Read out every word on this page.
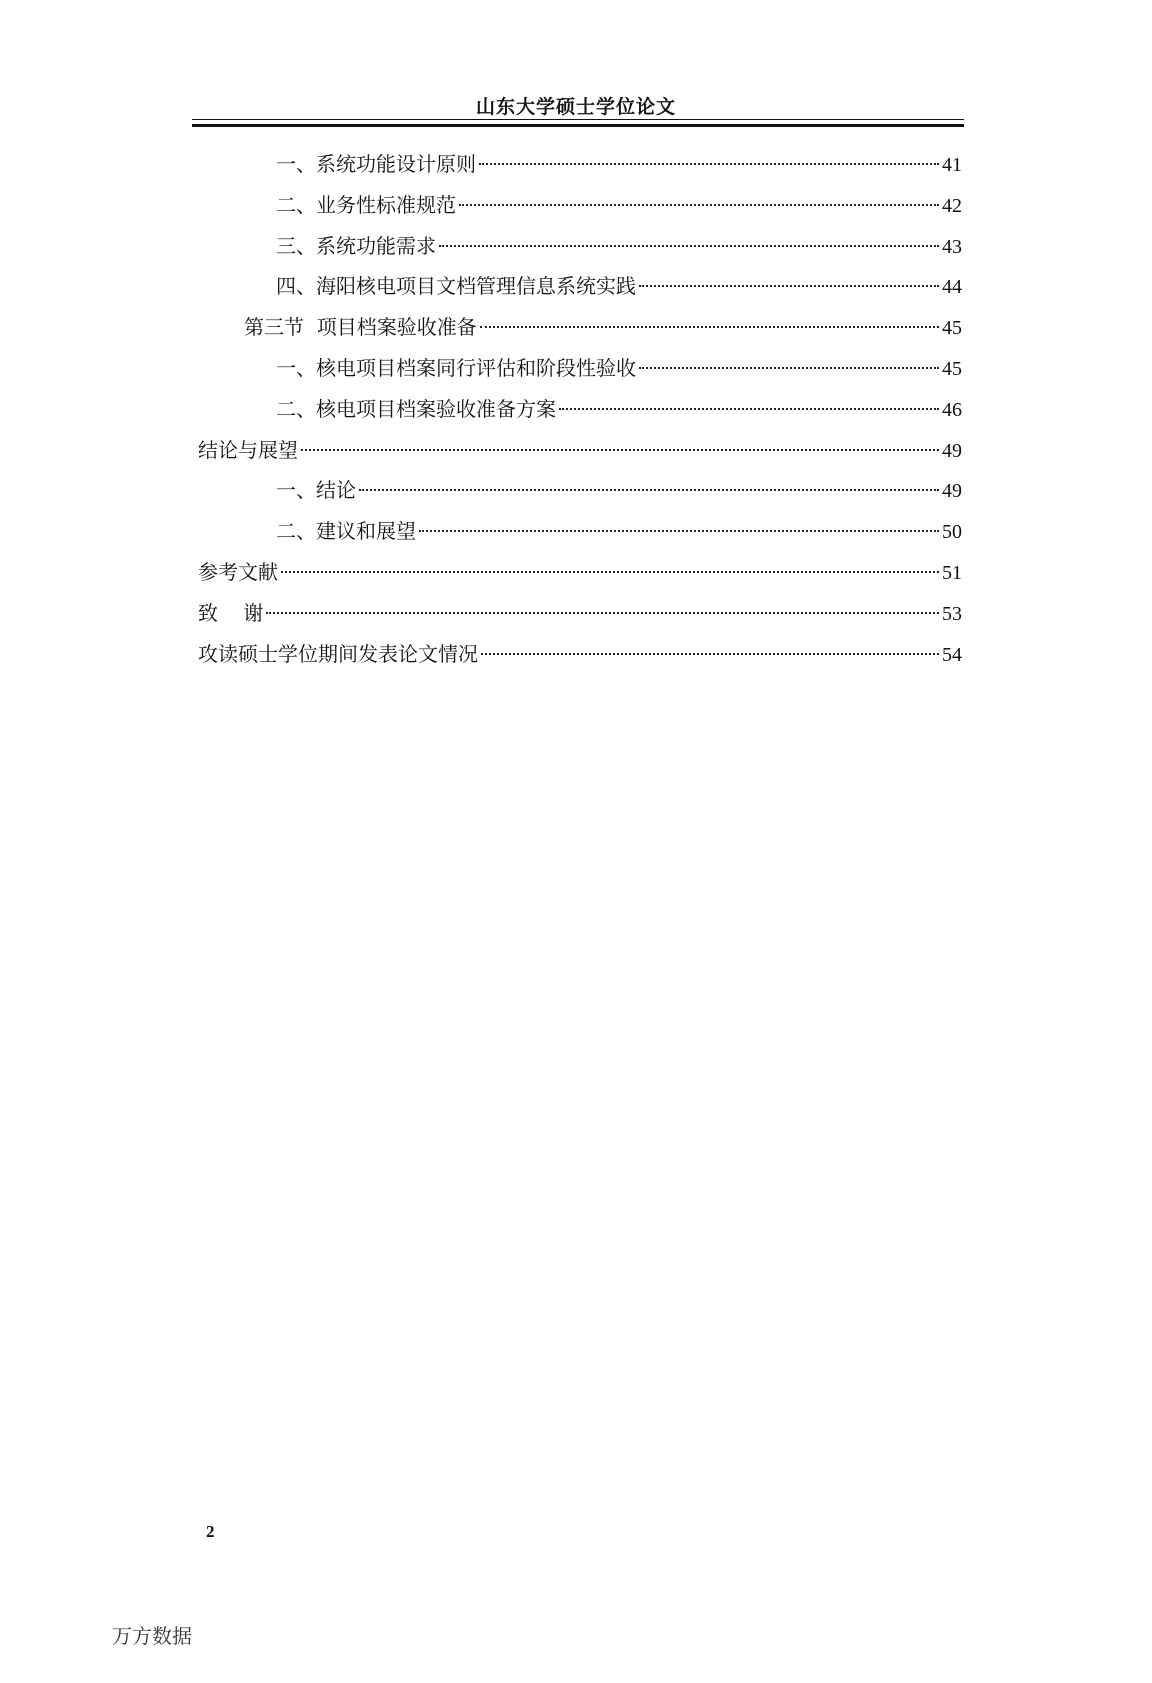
山东大学硕士学位论文
一、系统功能设计原则	41
二、业务性标准规范	42
三、系统功能需求	43
四、海阳核电项目文档管理信息系统实践	44
第三节  项目档案验收准备	45
一、核电项目档案同行评估和阶段性验收	45
二、核电项目档案验收准备方案	46
结论与展望	49
一、结论	49
二、建议和展望	50
参考文献	51
致    谢	53
攻读硕士学位期间发表论文情况	54
2
万方数据
